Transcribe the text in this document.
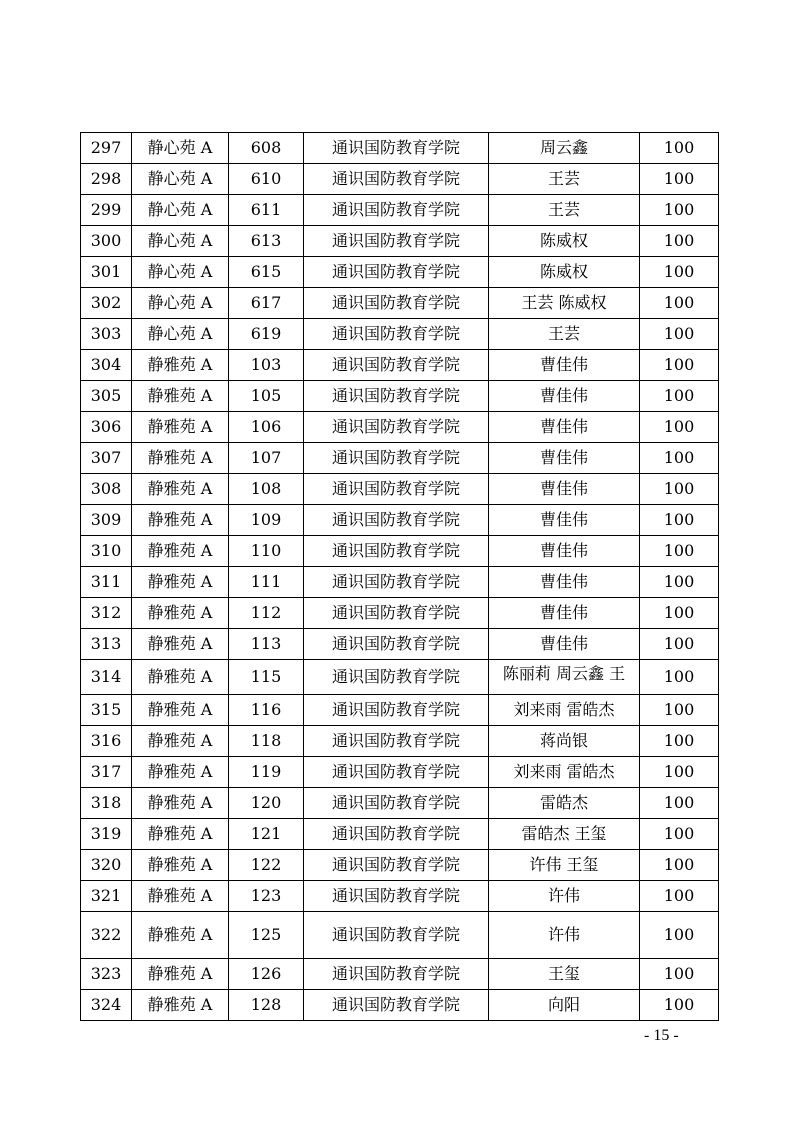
297	静心苑 A	608	通识国防教育学院	周云鑫	100
298	静心苑 A	610	通识国防教育学院	王芸	100
299	静心苑 A	611	通识国防教育学院	王芸	100
300	静心苑 A	613	通识国防教育学院	陈威权	100
301	静心苑 A	615	通识国防教育学院	陈威权	100
302	静心苑 A	617	通识国防教育学院	王芸 陈威权	100
303	静心苑 A	619	通识国防教育学院	王芸	100
304	静雅苑 A	103	通识国防教育学院	曹佳伟	100
305	静雅苑 A	105	通识国防教育学院	曹佳伟	100
306	静雅苑 A	106	通识国防教育学院	曹佳伟	100
307	静雅苑 A	107	通识国防教育学院	曹佳伟	100
308	静雅苑 A	108	通识国防教育学院	曹佳伟	100
309	静雅苑 A	109	通识国防教育学院	曹佳伟	100
310	静雅苑 A	110	通识国防教育学院	曹佳伟	100
311	静雅苑 A	111	通识国防教育学院	曹佳伟	100
312	静雅苑 A	112	通识国防教育学院	曹佳伟	100
313	静雅苑 A	113	通识国防教育学院	曹佳伟	100
314	静雅苑 A	115	通识国防教育学院	陈丽莉 周云鑫 王	100
315	静雅苑 A	116	通识国防教育学院	刘来雨 雷皓杰	100
316	静雅苑 A	118	通识国防教育学院	蒋尚银	100
317	静雅苑 A	119	通识国防教育学院	刘来雨 雷皓杰	100
318	静雅苑 A	120	通识国防教育学院	雷皓杰	100
319	静雅苑 A	121	通识国防教育学院	雷皓杰 王玺	100
320	静雅苑 A	122	通识国防教育学院	许伟 王玺	100
321	静雅苑 A	123	通识国防教育学院	许伟	100
322	静雅苑 A	125	通识国防教育学院	许伟	100
323	静雅苑 A	126	通识国防教育学院	王玺	100
324	静雅苑 A	128	通识国防教育学院	向阳	100
- 15 -
